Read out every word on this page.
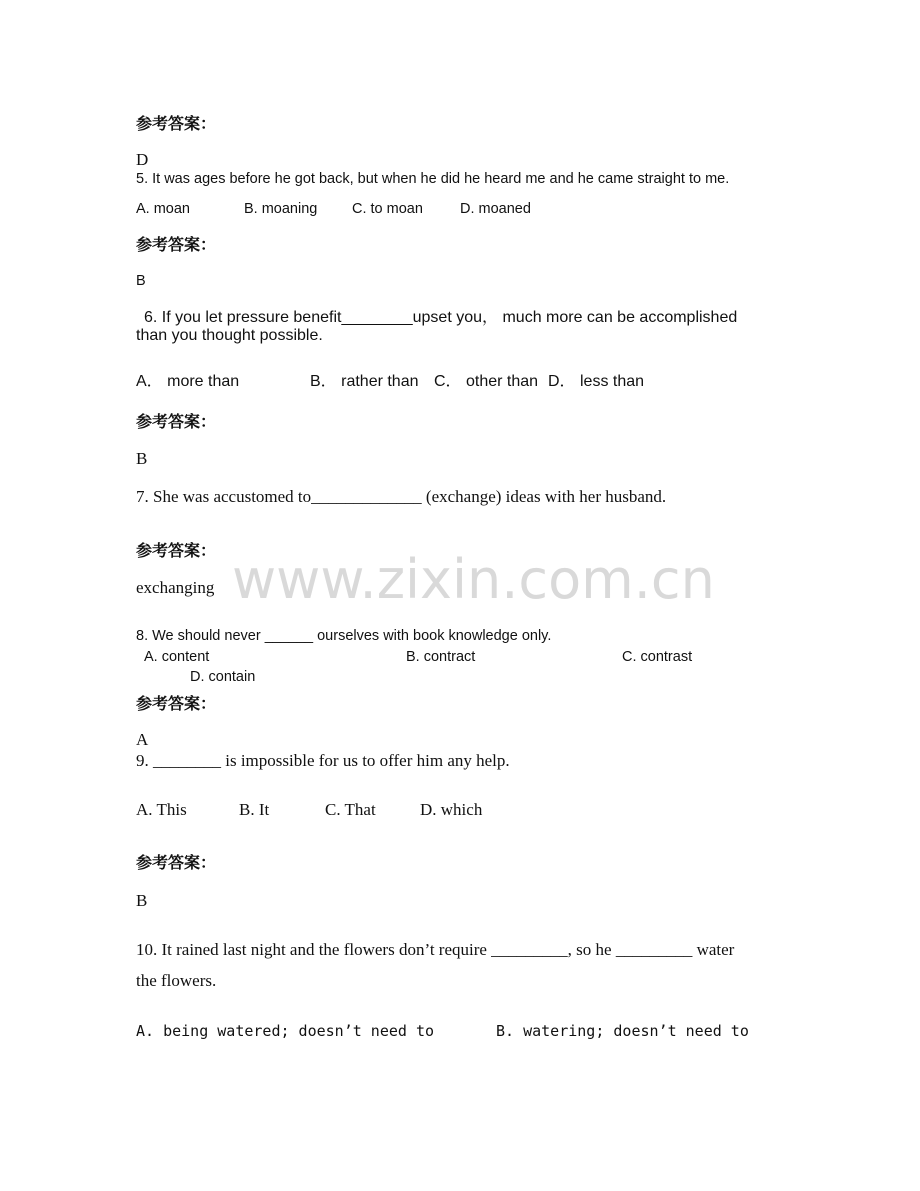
www.zixin.com.cn
参考答案：
D
5. It was ages before he got back, but when he did he heard me and he came straight to me.
A. moan	B. moaning C. to moan	D. moaned
参考答案：
B
6. If you let pressure benefit________upset you， much more can be accomplished
than you thought possible.
A． more than	B． rather than C． other than D． less than
参考答案：
B
7. She was accustomed to_____________ (exchange) ideas with her husband.
参考答案：
exchanging
8. We should never ______ ourselves with book knowledge only.
A. content	B. contract	C. contrast
D. contain
参考答案：
A
9. ________ is impossible for us to offer him any help.
A. This	B. It	C. That	D. which
参考答案：
B
10. It rained last night and the flowers don’t require _________, so he _________ water
the flowers.
A. being watered; doesn’t need to	B. watering; doesn’t need to
